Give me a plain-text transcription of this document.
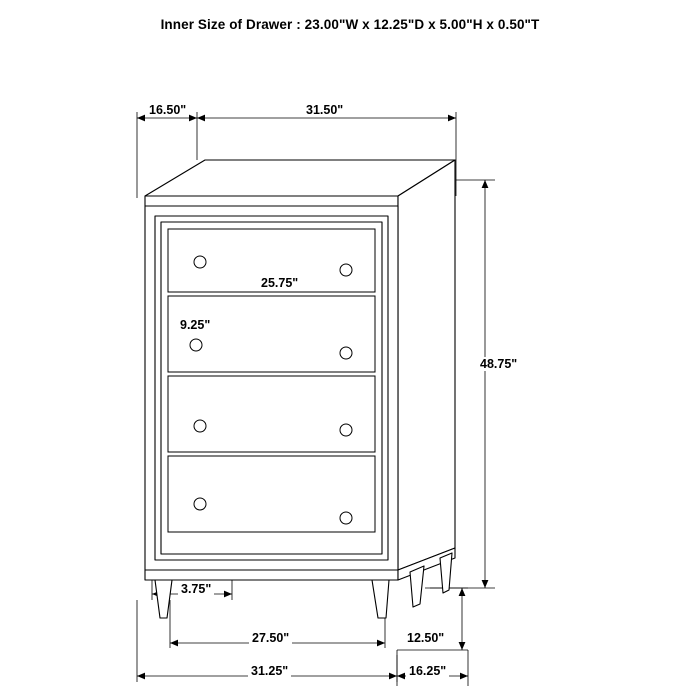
Inner Size of Drawer : 23.00"W x 12.25"D x 5.00"H x 0.50"T
16.50"	31.50"
48.75"
25.75"
9.25"
3.75"
27.50"
31.25"
12.50"
16.25"
